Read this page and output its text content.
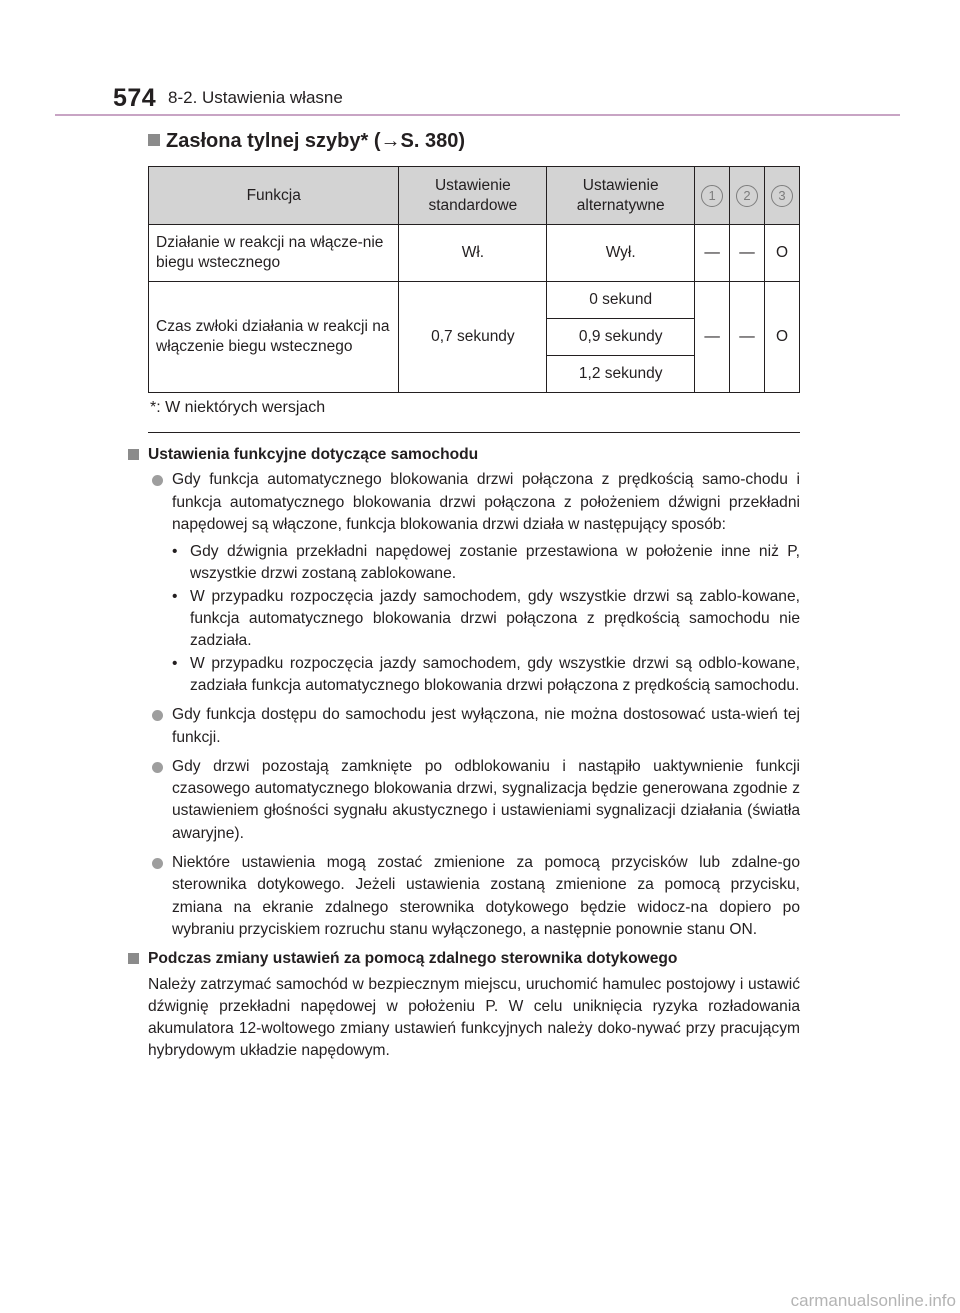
574 8-2. Ustawienia własne
Zasłona tylnej szyby* (→S. 380)
Funkcja	Ustawienie standardowe	Ustawienie alternatywne	1	2	3
Działanie w reakcji na włącze-nie biegu wstecznego	Wł.	Wył.	—	—	O
Czas zwłoki działania w reakcji na włączenie biegu wstecznego	0,7 sekundy	0 sekund	—	—	O
		0,9 sekundy			
		1,2 sekundy			
*: W niektórych wersjach
Ustawienia funkcyjne dotyczące samochodu
Gdy funkcja automatycznego blokowania drzwi połączona z prędkością samo-chodu i funkcja automatycznego blokowania drzwi połączona z położeniem dźwigni przekładni napędowej są włączone, funkcja blokowania drzwi działa w następujący sposób:
• Gdy dźwignia przekładni napędowej zostanie przestawiona w położenie inne niż P, wszystkie drzwi zostaną zablokowane.
• W przypadku rozpoczęcia jazdy samochodem, gdy wszystkie drzwi są zablo-kowane, funkcja automatycznego blokowania drzwi połączona z prędkością samochodu nie zadziała.
• W przypadku rozpoczęcia jazdy samochodem, gdy wszystkie drzwi są odblo-kowane, zadziała funkcja automatycznego blokowania drzwi połączona z prędkością samochodu.
Gdy funkcja dostępu do samochodu jest wyłączona, nie można dostosować usta-wień tej funkcji.
Gdy drzwi pozostają zamknięte po odblokowaniu i nastąpiło uaktywnienie funkcji czasowego automatycznego blokowania drzwi, sygnalizacja będzie generowana zgodnie z ustawieniem głośności sygnału akustycznego i ustawieniami sygnalizacji działania (światła awaryjne).
Niektóre ustawienia mogą zostać zmienione za pomocą przycisków lub zdalne-go sterownika dotykowego. Jeżeli ustawienia zostaną zmienione za pomocą przycisku, zmiana na ekranie zdalnego sterownika dotykowego będzie widocz-na dopiero po wybraniu przyciskiem rozruchu stanu wyłączonego, a następnie ponownie stanu ON.
Podczas zmiany ustawień za pomocą zdalnego sterownika dotykowego
Należy zatrzymać samochód w bezpiecznym miejscu, uruchomić hamulec postojowy i ustawić dźwignię przekładni napędowej w położeniu P. W celu uniknięcia ryzyka rozładowania akumulatora 12-woltowego zmiany ustawień funkcyjnych należy doko-nywać przy pracującym hybrydowym układzie napędowym.
carmanualsonline.info
